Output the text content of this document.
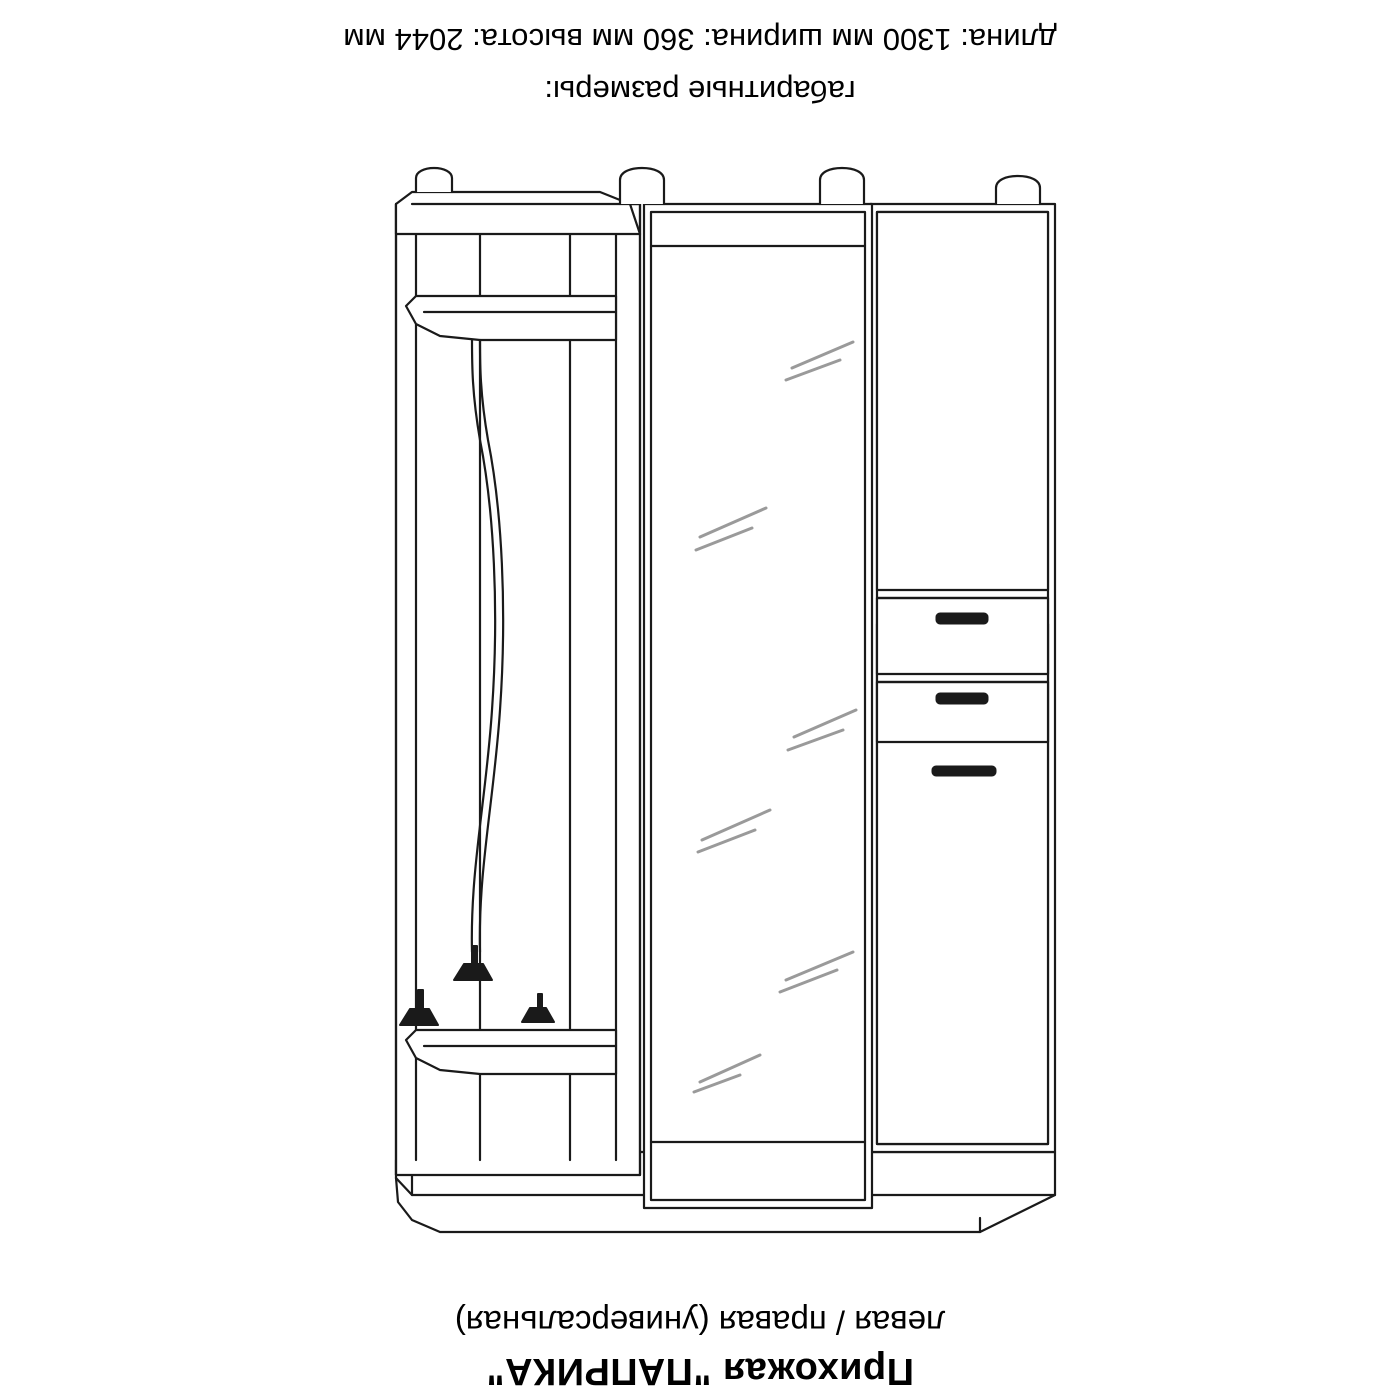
Прихожая "ПАПРИКА"
левая / правая (универсальная)
габаритные размеры:
длина: 1300 мм ширина: 360 мм высота: 2044 мм
